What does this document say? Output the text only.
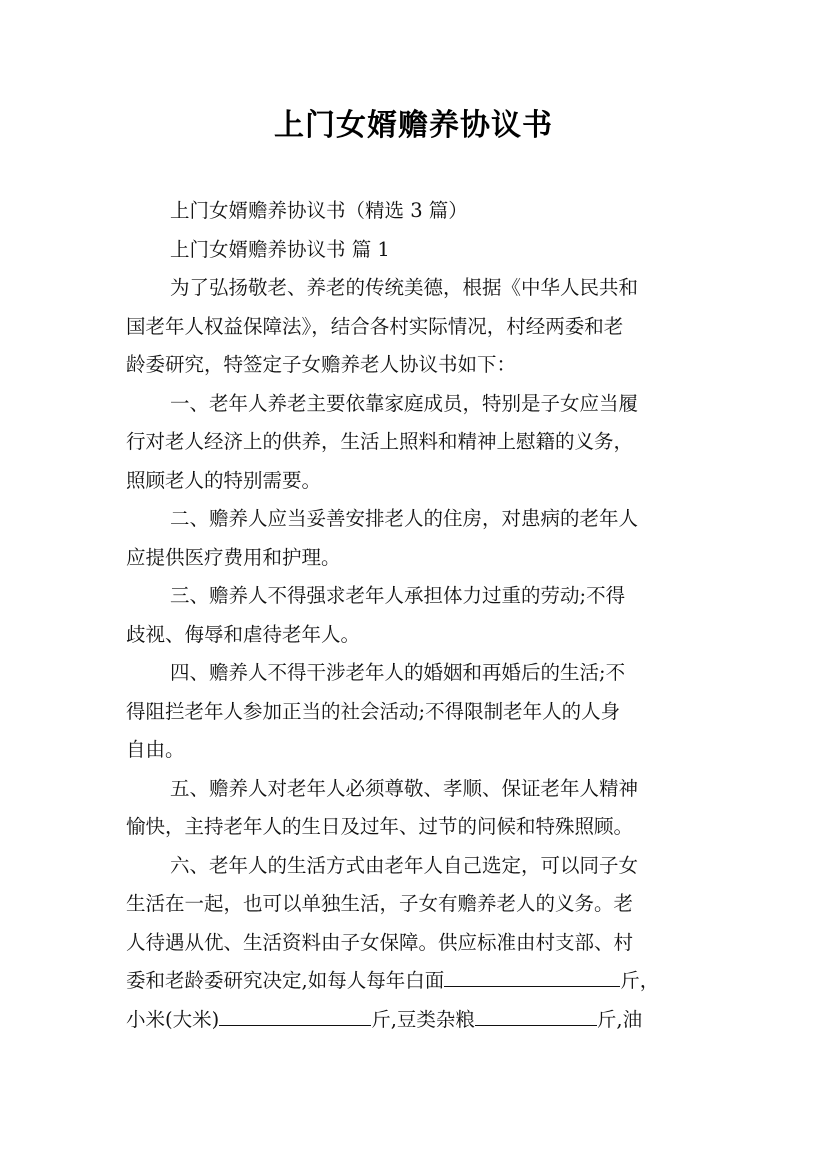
上门女婿赡养协议书
上门女婿赡养协议书（精选 3 篇）
上门女婿赡养协议书 篇 1
为了弘扬敬老、养老的传统美德，根据《中华人民共和
国老年人权益保障法》，结合各村实际情况，村经两委和老
龄委研究，特签定子女赡养老人协议书如下：
一、老年人养老主要依靠家庭成员，特别是子女应当履
行对老人经济上的供养，生活上照料和精神上慰籍的义务，
照顾老人的特别需要。
二、赡养人应当妥善安排老人的住房，对患病的老年人
应提供医疗费用和护理。
三、赡养人不得强求老年人承担体力过重的劳动;不得
歧视、侮辱和虐待老年人。
四、赡养人不得干涉老年人的婚姻和再婚后的生活;不
得阻拦老年人参加正当的社会活动;不得限制老年人的人身
自由。
五、赡养人对老年人必须尊敬、孝顺、保证老年人精神
愉快，主持老年人的生日及过年、过节的问候和特殊照顾。
六、老年人的生活方式由老年人自己选定，可以同子女
生活在一起，也可以单独生活，子女有赡养老人的义务。老
人待遇从优、生活资料由子女保障。供应标准由村支部、村
委和老龄委研究决定,如每人每年白面	斤，
小米(大米)	斤,豆类杂粮	斤,油
